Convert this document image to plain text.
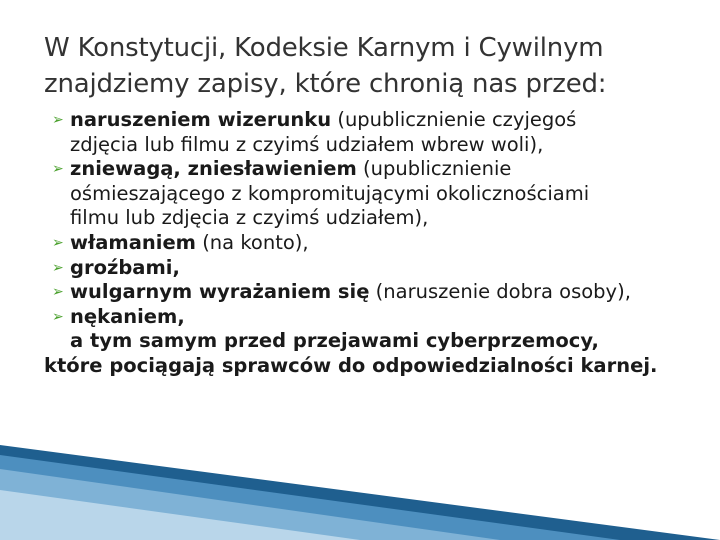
W Konstytucji, Kodeksie Karnym i Cywilnym
znajdziemy zapisy, które chronią nas przed:
➢ naruszeniem wizerunku (upublicznienie czyjegoś
zdjęcia lub filmu z czyimś udziałem wbrew woli),
➢ zniewagą, zniesławieniem (upublicznienie
ośmieszającego z kompromitującymi okolicznościami
filmu lub zdjęcia z czyimś udziałem),
➢ włamaniem (na konto),
➢ groźbami,
➢ wulgarnym wyrażaniem się (naruszenie dobra osoby),
➢ nękaniem,
a tym samym przed przejawami cyberprzemocy,
które pociągają sprawców do odpowiedzialności karnej.
